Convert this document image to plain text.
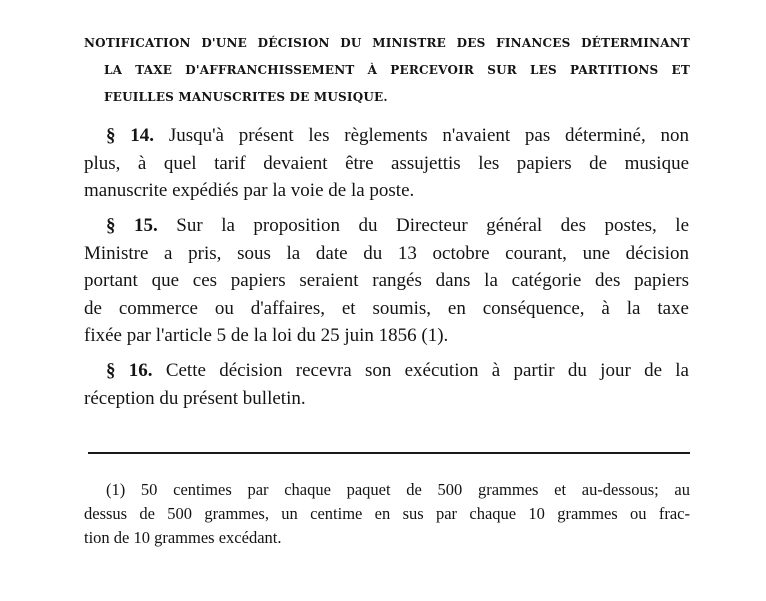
NOTIFICATION D'UNE DÉCISION DU MINISTRE DES FINANCES DÉTERMINANT
LA TAXE D'AFFRANCHISSEMENT À PERCEVOIR SUR LES PARTITIONS ET
FEUILLES MANUSCRITES DE MUSIQUE.
§ 14. Jusqu'à présent les règlements n'avaient pas déterminé, non
plus, à quel tarif devaient être assujettis les papiers de musique
manuscrite expédiés par la voie de la poste.
§ 15. Sur la proposition du Directeur général des postes, le
Ministre a pris, sous la date du 13 octobre courant, une décision
portant que ces papiers seraient rangés dans la catégorie des papiers
de commerce ou d'affaires, et soumis, en conséquence, à la taxe
fixée par l'article 5 de la loi du 25 juin 1856 (1).
§ 16. Cette décision recevra son exécution à partir du jour de la
réception du présent bulletin.
(1) 50 centimes par chaque paquet de 500 grammes et au-dessous; au
dessus de 500 grammes, un centime en sus par chaque 10 grammes ou frac-
tion de 10 grammes excédant.
